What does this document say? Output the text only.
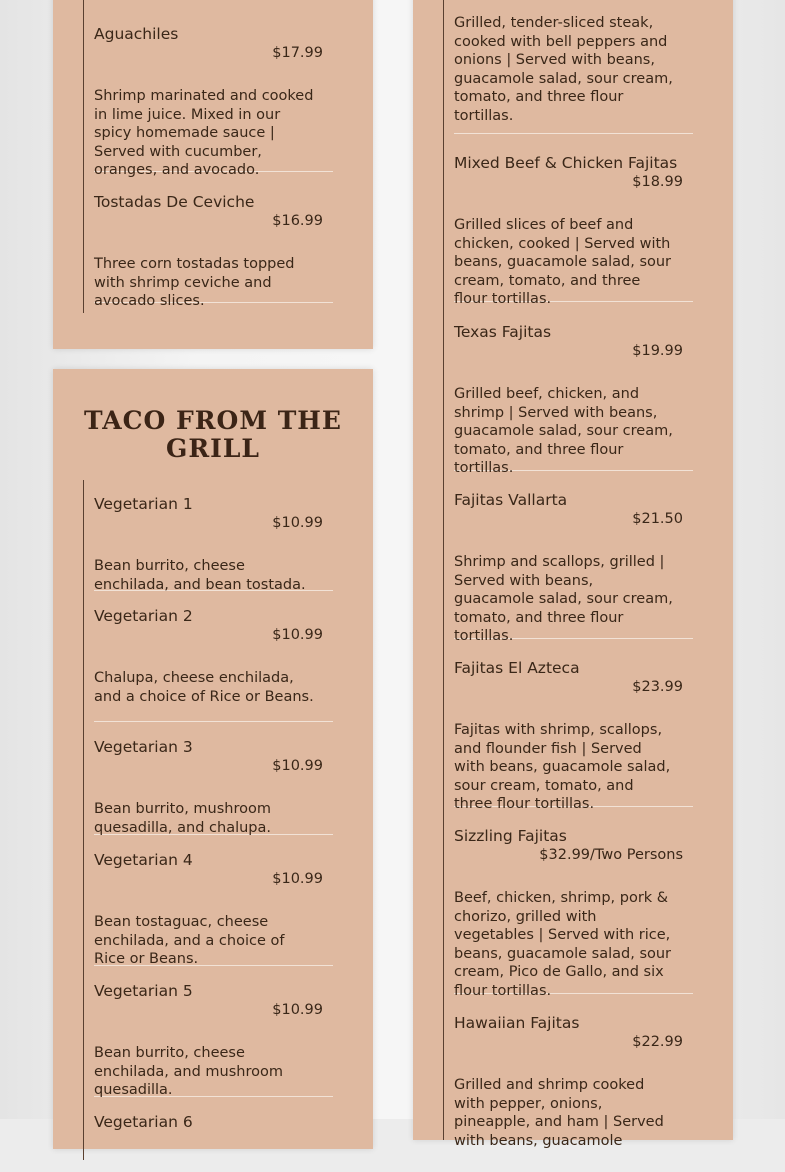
Aguachiles
$17.99
Shrimp marinated and cooked in lime juice. Mixed in our spicy homemade sauce | Served with cucumber, oranges, and avocado.
Tostadas De Ceviche
$16.99
Three corn tostadas topped with shrimp ceviche and avocado slices.
TACO FROM THE GRILL
Vegetarian 1
$10.99
Bean burrito, cheese enchilada, and bean tostada.
Vegetarian 2
$10.99
Chalupa, cheese enchilada, and a choice of Rice or Beans.
Vegetarian 3
$10.99
Bean burrito, mushroom quesadilla, and chalupa.
Vegetarian 4
$10.99
Bean tostaguac, cheese enchilada, and a choice of Rice or Beans.
Vegetarian 5
$10.99
Bean burrito, cheese enchilada, and mushroom quesadilla.
Vegetarian 6
Grilled, tender-sliced steak, cooked with bell peppers and onions | Served with beans, guacamole salad, sour cream, tomato, and three flour tortillas.
Mixed Beef & Chicken Fajitas
$18.99
Grilled slices of beef and chicken, cooked | Served with beans, guacamole salad, sour cream, tomato, and three flour tortillas.
Texas Fajitas
$19.99
Grilled beef, chicken, and shrimp | Served with beans, guacamole salad, sour cream, tomato, and three flour tortillas.
Fajitas Vallarta
$21.50
Shrimp and scallops, grilled | Served with beans, guacamole salad, sour cream, tomato, and three flour tortillas.
Fajitas El Azteca
$23.99
Fajitas with shrimp, scallops, and flounder fish | Served with beans, guacamole salad, sour cream, tomato, and three flour tortillas.
Sizzling Fajitas
$32.99/Two Persons
Beef, chicken, shrimp, pork & chorizo, grilled with vegetables | Served with rice, beans, guacamole salad, sour cream, Pico de Gallo, and six flour tortillas.
Hawaiian Fajitas
$22.99
Grilled and shrimp cooked with pepper, onions, pineapple, and ham | Served with beans, guacamole
